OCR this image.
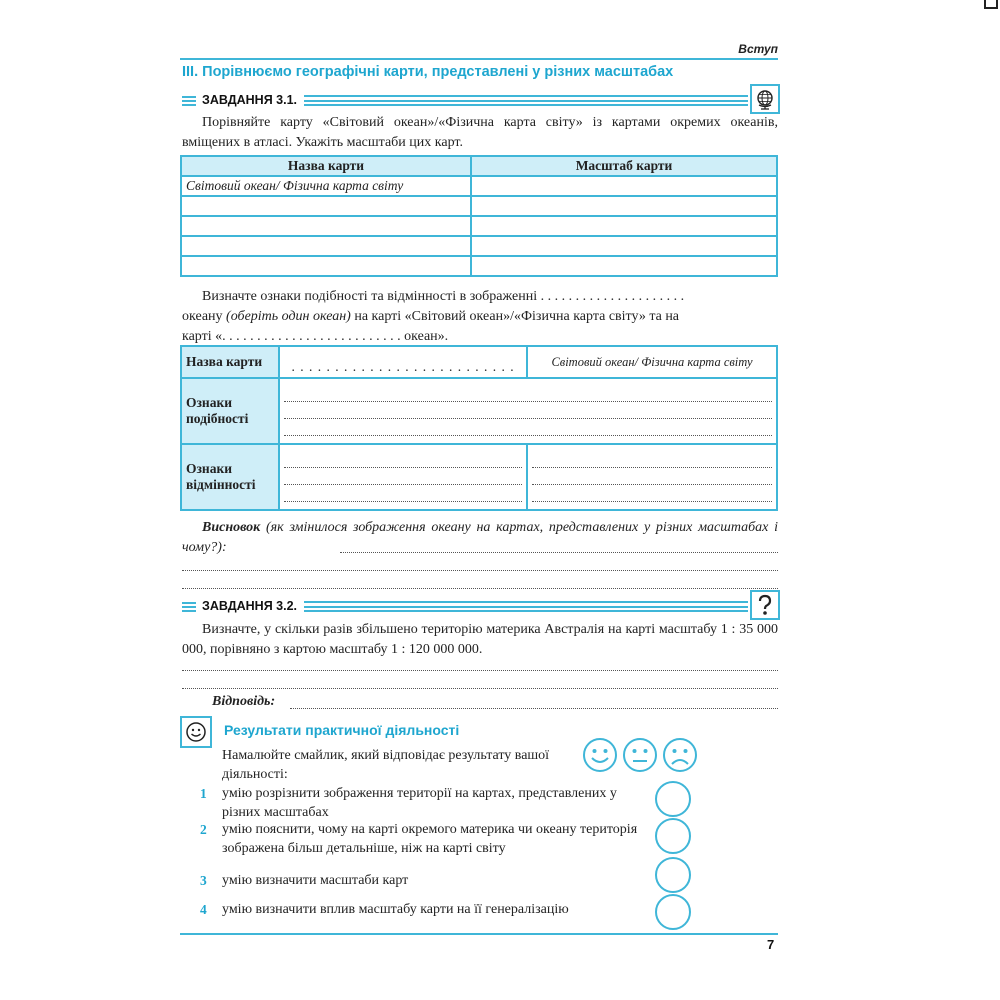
Вступ
III. Порівнюємо географічні карти, представлені у різних масштабах
ЗАВДАННЯ 3.1.
Порівняйте карту «Світовий океан»/«Фізична карта світу» із картами окремих океанів, вміщених в атласі. Укажіть масштаби цих карт.
Назва карти	Масштаб карти
Світовий океан/ Фізична карта світу	

Визначте ознаки подібності та відмінності в зображенні . . . . . . . . . . . . . . . . . . . . .
океану (оберіть один океан) на карті «Світовий океан»/«Фізична карта світу» та на
карті «. . . . . . . . . . . . . . . . . . . . . . . . . . океан».
Назва карти	. . . . . . . . . . . . . . . . . . . . . . . . . .	Світовий океан/ Фізична карта світу
Ознаки подібності		

Ознаки відмінності	

Висновок (як змінилося зображення океану на картах, представлених у різних масштабах і чому?):
ЗАВДАННЯ 3.2.
Визначте, у скільки разів збільшено територію материка Австралія на карті масштабу 1 : 35 000 000, порівняно з картою масштабу 1 : 120 000 000.
Відповідь:
Результати практичної діяльності
Намалюйте смайлик, який відповідає результату вашої діяльності:
1 умію розрізнити зображення території на картах, представлених у різних масштабах
2 умію пояснити, чому на карті окремого материка чи океану територія зображена більш детальніше, ніж на карті світу
3 умію визначити масштаби карт
4 умію визначити вплив масштабу карти на її генералізацію
7
